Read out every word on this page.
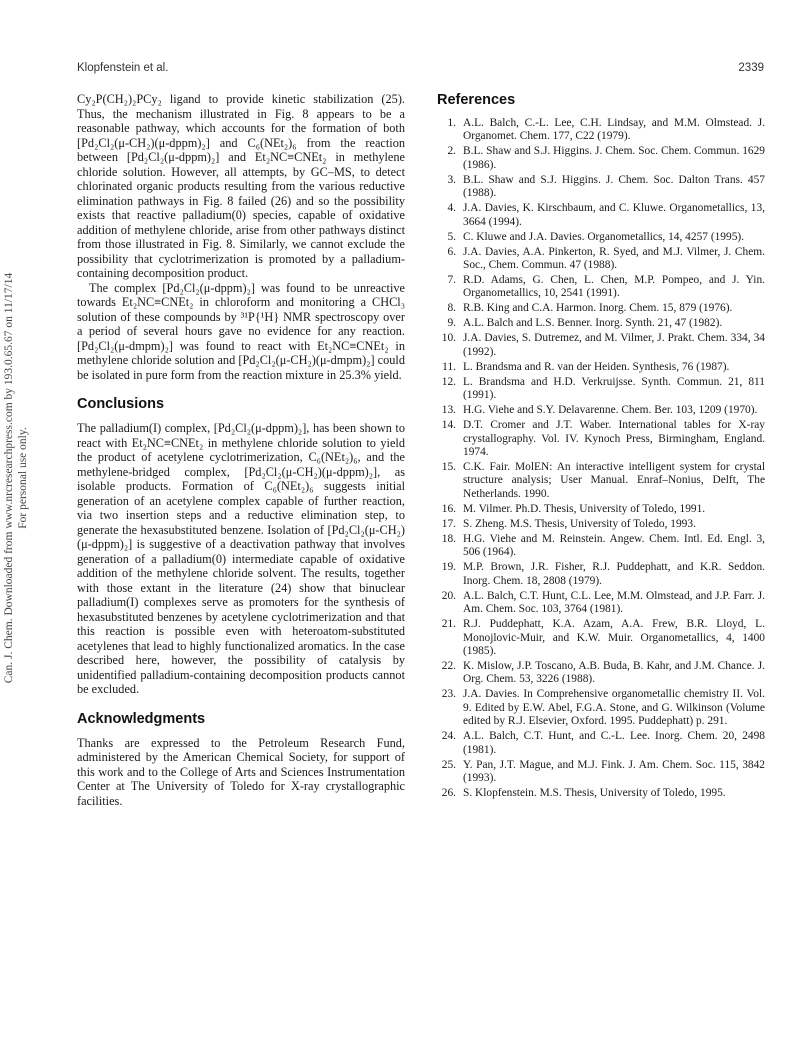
Klopfenstein et al.	2339
Can. J. Chem. Downloaded from www.nrcresearchpress.com by 193.0.65.67 on 11/17/14 For personal use only.

Cy₂P(CH₂)₂PCy₂ ligand to provide kinetic stabilization (25). Thus, the mechanism illustrated in Fig. 8 appears to be a reasonable pathway, which accounts for the formation of both [Pd₂Cl₂(μ-CH₂)(μ-dppm)₂] and C₆(NEt₂)₆ from the reaction between [Pd₂Cl₂(μ-dppm)₂] and Et₂NC≡CNEt₂ in methylene chloride solution. However, all attempts, by GC–MS, to detect chlorinated organic products resulting from the various reductive elimination pathways in Fig. 8 failed (26) and so the possibility exists that reactive palladium(0) species, capable of oxidative addition of methylene chloride, arise from other pathways distinct from those illustrated in Fig. 8. Similarly, we cannot exclude the possibility that cyclotrimerization is promoted by a palladium-containing decomposition product.

The complex [Pd₂Cl₂(μ-dppm)₂] was found to be unreactive towards Et₂NC≡CNEt₂ in chloroform and monitoring a CHCl₃ solution of these compounds by ³¹P{¹H} NMR spectroscopy over a period of several hours gave no evidence for any reaction. [Pd₂Cl₂(μ-dmpm)₂] was found to react with Et₂NC≡CNEt₂ in methylene chloride solution and [Pd₂Cl₂(μ-CH₂)(μ-dmpm)₂] could be isolated in pure form from the reaction mixture in 25.3% yield.

Conclusions

The palladium(I) complex, [Pd₂Cl₂(μ-dppm)₂], has been shown to react with Et₂NC≡CNEt₂ in methylene chloride solution to yield the product of acetylene cyclotrimerization, C₆(NEt₂)₆, and the methylene-bridged complex, [Pd₂Cl₂(μ-CH₂)(μ-dppm)₂], as isolable products. Formation of C₆(NEt₂)₆ suggests initial generation of an acetylene complex capable of further reaction, via two insertion steps and a reductive elimination step, to generate the hexasubstituted benzene. Isolation of [Pd₂Cl₂(μ-CH₂)(μ-dppm)₂] is suggestive of a deactivation pathway that involves generation of a palladium(0) intermediate capable of oxidative addition of the methylene chloride solvent. The results, together with those extant in the literature (24) show that binuclear palladium(I) complexes serve as promoters for the synthesis of hexasubstituted benzenes by acetylene cyclotrimerization and that this reaction is possible even with heteroatom-substituted acetylenes that lead to highly functionalized aromatics. In the case described here, however, the possibility of catalysis by unidentified palladium-containing decomposition products cannot be excluded.

Acknowledgments

Thanks are expressed to the Petroleum Research Fund, administered by the American Chemical Society, for support of this work and to the College of Arts and Sciences Instrumentation Center at The University of Toledo for X-ray crystallographic facilities.

References
1. A.L. Balch, C.-L. Lee, C.H. Lindsay, and M.M. Olmstead. J. Organomet. Chem. 177, C22 (1979).
2. B.L. Shaw and S.J. Higgins. J. Chem. Soc. Chem. Commun. 1629 (1986).
3. B.L. Shaw and S.J. Higgins. J. Chem. Soc. Dalton Trans. 457 (1988).
4. J.A. Davies, K. Kirschbaum, and C. Kluwe. Organometallics, 13, 3664 (1994).
5. C. Kluwe and J.A. Davies. Organometallics, 14, 4257 (1995).
6. J.A. Davies, A.A. Pinkerton, R. Syed, and M.J. Vilmer, J. Chem. Soc., Chem. Commun. 47 (1988).
7. R.D. Adams, G. Chen, L. Chen, M.P. Pompeo, and J. Yin. Organometallics, 10, 2541 (1991).
8. R.B. King and C.A. Harmon. Inorg. Chem. 15, 879 (1976).
9. A.L. Balch and L.S. Benner. Inorg. Synth. 21, 47 (1982).
10. J.A. Davies, S. Dutremez, and M. Vilmer, J. Prakt. Chem. 334, 34 (1992).
11. L. Brandsma and R. van der Heiden. Synthesis, 76 (1987).
12. L. Brandsma and H.D. Verkruijsse. Synth. Commun. 21, 811 (1991).
13. H.G. Viehe and S.Y. Delavarenne. Chem. Ber. 103, 1209 (1970).
14. D.T. Cromer and J.T. Waber. International tables for X-ray crystallography. Vol. IV. Kynoch Press, Birmingham, England. 1974.
15. C.K. Fair. MolEN: An interactive intelligent system for crystal structure analysis; User Manual. Enraf–Nonius, Delft, The Netherlands. 1990.
16. M. Vilmer. Ph.D. Thesis, University of Toledo, 1991.
17. S. Zheng. M.S. Thesis, University of Toledo, 1993.
18. H.G. Viehe and M. Reinstein. Angew. Chem. Intl. Ed. Engl. 3, 506 (1964).
19. M.P. Brown, J.R. Fisher, R.J. Puddephatt, and K.R. Seddon. Inorg. Chem. 18, 2808 (1979).
20. A.L. Balch, C.T. Hunt, C.L. Lee, M.M. Olmstead, and J.P. Farr. J. Am. Chem. Soc. 103, 3764 (1981).
21. R.J. Puddephatt, K.A. Azam, A.A. Frew, B.R. Lloyd, L. Monojlovic-Muir, and K.W. Muir. Organometallics, 4, 1400 (1985).
22. K. Mislow, J.P. Toscano, A.B. Buda, B. Kahr, and J.M. Chance. J. Org. Chem. 53, 3226 (1988).
23. J.A. Davies. In Comprehensive organometallic chemistry II. Vol. 9. Edited by E.W. Abel, F.G.A. Stone, and G. Wilkinson (Volume edited by R.J. Elsevier, Oxford. 1995. Puddephatt) p. 291.
24. A.L. Balch, C.T. Hunt, and C.-L. Lee. Inorg. Chem. 20, 2498 (1981).
25. Y. Pan, J.T. Mague, and M.J. Fink. J. Am. Chem. Soc. 115, 3842 (1993).
26. S. Klopfenstein. M.S. Thesis, University of Toledo, 1995.
